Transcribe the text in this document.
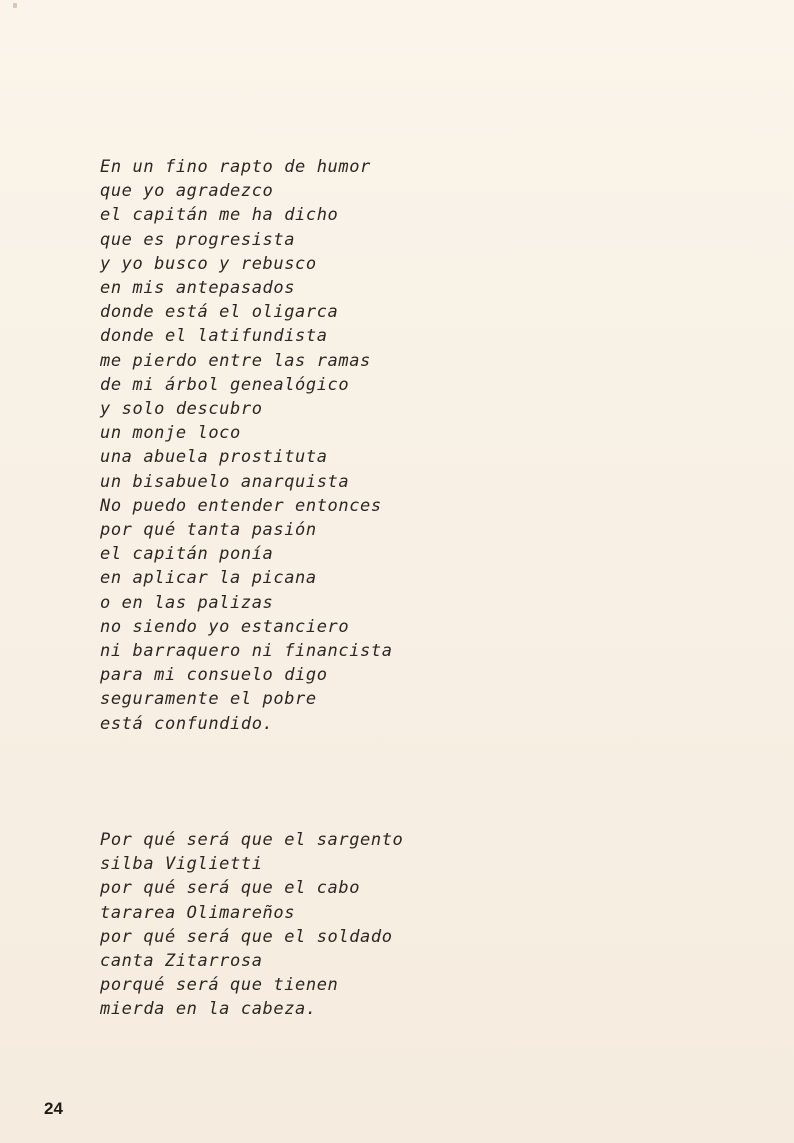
En un fino rapto de humor
que yo agradezco
el capitán me ha dicho
que es progresista
y yo busco y rebusco
en mis antepasados
donde está el oligarca
donde el latifundista
me pierdo entre las ramas
de mi árbol genealógico
y solo descubro
un monje loco
una abuela prostituta
un bisabuelo anarquista
No puedo entender entonces
por qué tanta pasión
el capitán ponía
en aplicar la picana
o en las palizas
no siendo yo estanciero
ni barraquero ni financista
para mi consuelo digo
seguramente el pobre
está confundido.
Por qué será que el sargento
silba Viglietti
por qué será que el cabo
tararea Olimareños
por qué será que el soldado
canta Zitarrosa
porqué será que tienen
mierda en la cabeza.
24
